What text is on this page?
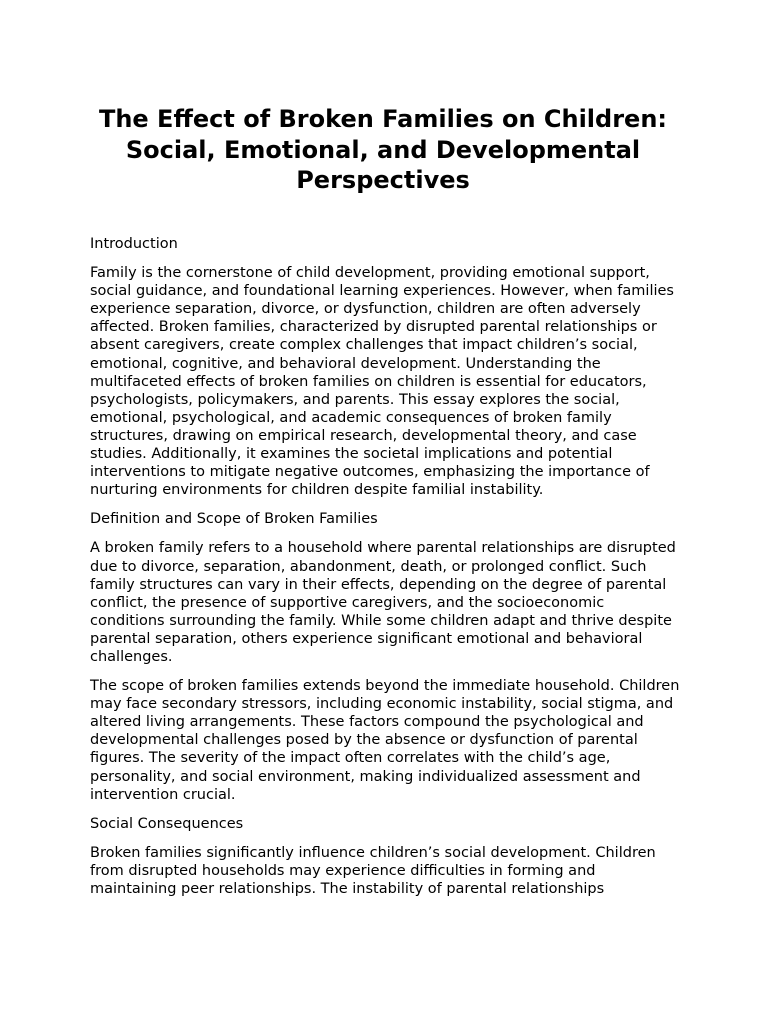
The Effect of Broken Families on Children: Social, Emotional, and Developmental Perspectives

Introduction

Family is the cornerstone of child development, providing emotional support, social guidance, and foundational learning experiences. However, when families experience separation, divorce, or dysfunction, children are often adversely affected. Broken families, characterized by disrupted parental relationships or absent caregivers, create complex challenges that impact children’s social, emotional, cognitive, and behavioral development. Understanding the multifaceted effects of broken families on children is essential for educators, psychologists, policymakers, and parents. This essay explores the social, emotional, psychological, and academic consequences of broken family structures, drawing on empirical research, developmental theory, and case studies. Additionally, it examines the societal implications and potential interventions to mitigate negative outcomes, emphasizing the importance of nurturing environments for children despite familial instability.

Definition and Scope of Broken Families

A broken family refers to a household where parental relationships are disrupted due to divorce, separation, abandonment, death, or prolonged conflict. Such family structures can vary in their effects, depending on the degree of parental conflict, the presence of supportive caregivers, and the socioeconomic conditions surrounding the family. While some children adapt and thrive despite parental separation, others experience significant emotional and behavioral challenges.

The scope of broken families extends beyond the immediate household. Children may face secondary stressors, including economic instability, social stigma, and altered living arrangements. These factors compound the psychological and developmental challenges posed by the absence or dysfunction of parental figures. The severity of the impact often correlates with the child’s age, personality, and social environment, making individualized assessment and intervention crucial.

Social Consequences

Broken families significantly influence children’s social development. Children from disrupted households may experience difficulties in forming and maintaining peer relationships. The instability of parental relationships
